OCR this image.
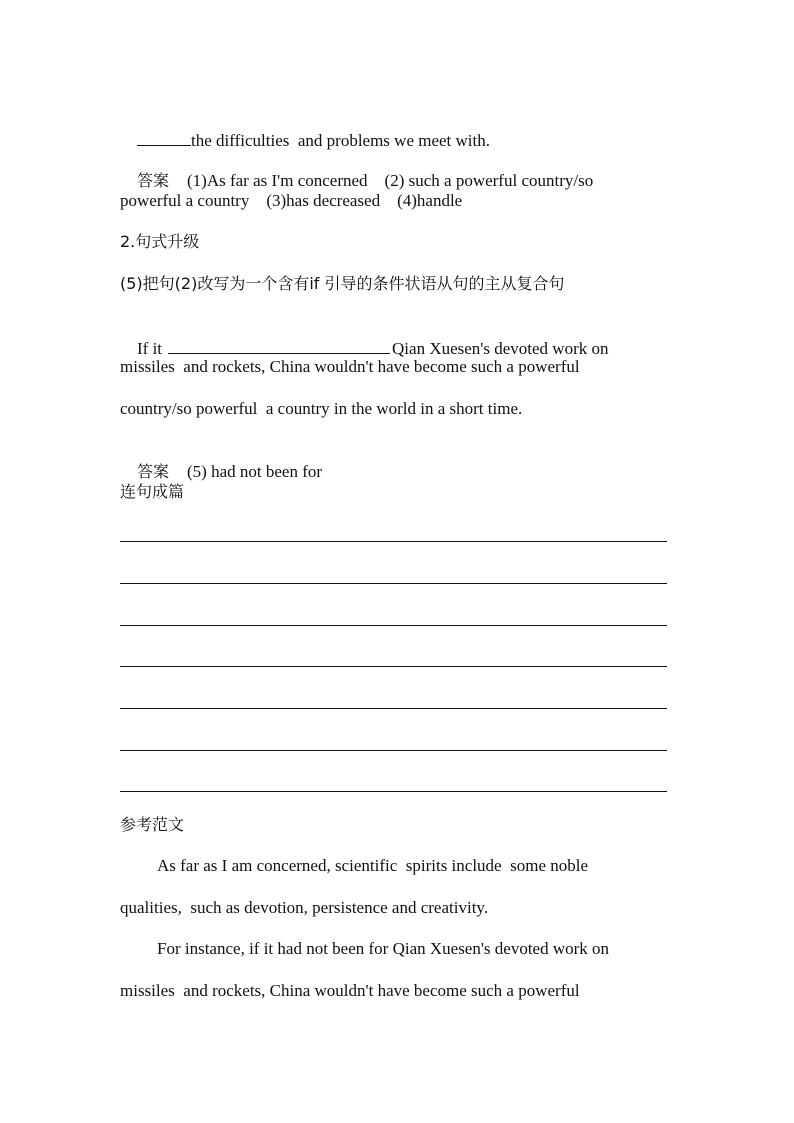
the difficulties  and problems we meet with.

答案 (1)As far as I'm concerned    (2) such a powerful country/so

powerful a country    (3)has decreased    (4)handle
2.句式升级
(5)把句(2)改写为一个含有if 引导的条件状语从句的主从复合句

If it	Qian Xuesen's devoted work on

missiles  and rockets, China wouldn't have become such a powerful
country/so powerful  a country in the world in a short time.

答案 (5) had not been for

连句成篇
参考范文
As far as I am concerned, scientific  spirits include  some noble
qualities,  such as devotion, persistence and creativity.
For instance, if it had not been for Qian Xuesen's devoted work on
missiles  and rockets, China wouldn't have become such a powerful
